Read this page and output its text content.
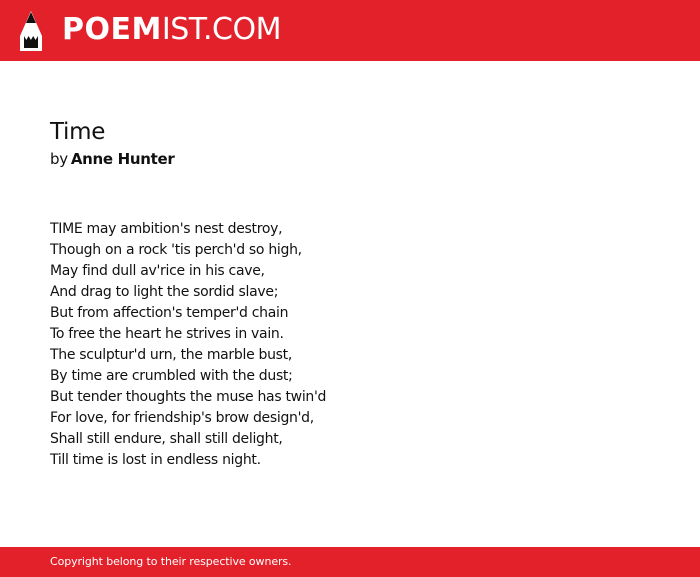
POEMIST.COM
Time
by Anne Hunter
TIME may ambition's nest destroy,
Though on a rock 'tis perch'd so high,
May find dull av'rice in his cave,
And drag to light the sordid slave;
But from affection's temper'd chain
To free the heart he strives in vain.
The sculptur'd urn, the marble bust,
By time are crumbled with the dust;
But tender thoughts the muse has twin'd
For love, for friendship's brow design'd,
Shall still endure, shall still delight,
Till time is lost in endless night.
Copyright belong to their respective owners.
